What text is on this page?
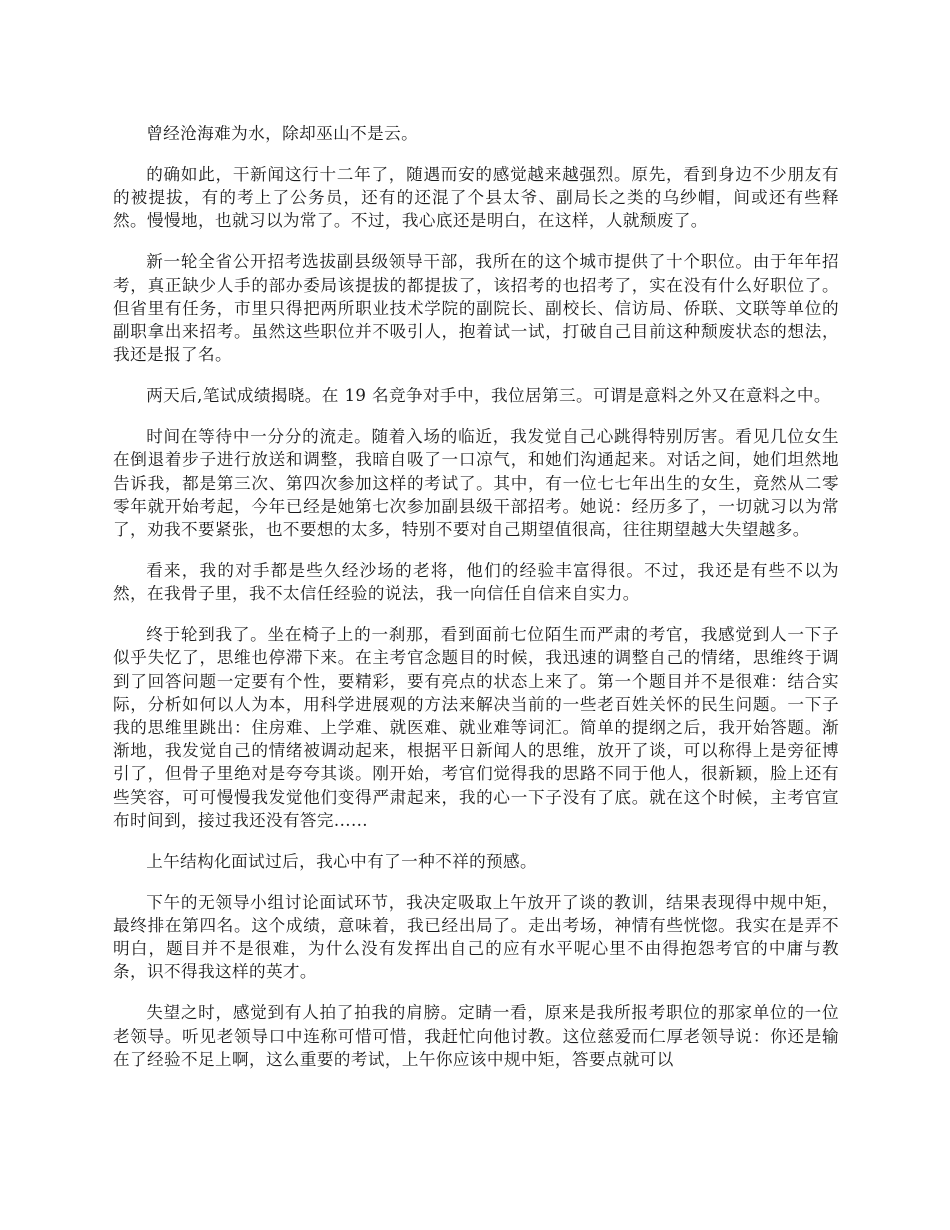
曾经沧海难为水，除却巫山不是云。

的确如此，干新闻这行十二年了，随遇而安的感觉越来越强烈。原先，看到身边不少朋友有的被提拔，有的考上了公务员，还有的还混了个县太爷、副局长之类的乌纱帽，间或还有些释然。慢慢地，也就习以为常了。不过，我心底还是明白，在这样，人就颓废了。

新一轮全省公开招考选拔副县级领导干部，我所在的这个城市提供了十个职位。由于年年招考，真正缺少人手的部办委局该提拔的都提拔了，该招考的也招考了，实在没有什么好职位了。但省里有任务，市里只得把两所职业技术学院的副院长、副校长、信访局、侨联、文联等单位的副职拿出来招考。虽然这些职位并不吸引人，抱着试一试，打破自己目前这种颓废状态的想法，我还是报了名。

两天后,笔试成绩揭晓。在 19 名竞争对手中，我位居第三。可谓是意料之外又在意料之中。

时间在等待中一分分的流走。随着入场的临近，我发觉自己心跳得特别厉害。看见几位女生在倒退着步子进行放送和调整，我暗自吸了一口凉气，和她们沟通起来。对话之间，她们坦然地告诉我，都是第三次、第四次参加这样的考试了。其中，有一位七七年出生的女生，竟然从二零零年就开始考起，今年已经是她第七次参加副县级干部招考。她说：经历多了，一切就习以为常了，劝我不要紧张，也不要想的太多，特别不要对自己期望值很高，往往期望越大失望越多。

看来，我的对手都是些久经沙场的老将，他们的经验丰富得很。不过，我还是有些不以为然，在我骨子里，我不太信任经验的说法，我一向信任自信来自实力。

终于轮到我了。坐在椅子上的一刹那，看到面前七位陌生而严肃的考官，我感觉到人一下子似乎失忆了，思维也停滞下来。在主考官念题目的时候，我迅速的调整自己的情绪，思维终于调到了回答问题一定要有个性，要精彩，要有亮点的状态上来了。第一个题目并不是很难：结合实际，分析如何以人为本，用科学进展观的方法来解决当前的一些老百姓关怀的民生问题。一下子我的思维里跳出：住房难、上学难、就医难、就业难等词汇。简单的提纲之后，我开始答题。渐渐地，我发觉自己的情绪被调动起来，根据平日新闻人的思维，放开了谈，可以称得上是旁征博引了，但骨子里绝对是夸夸其谈。刚开始，考官们觉得我的思路不同于他人，很新颖，脸上还有些笑容，可可慢慢我发觉他们变得严肃起来，我的心一下子没有了底。就在这个时候，主考官宣布时间到，接过我还没有答完......

上午结构化面试过后，我心中有了一种不祥的预感。

下午的无领导小组讨论面试环节，我决定吸取上午放开了谈的教训，结果表现得中规中矩，最终排在第四名。这个成绩，意味着，我已经出局了。走出考场，神情有些恍惚。我实在是弄不明白，题目并不是很难，为什么没有发挥出自己的应有水平呢心里不由得抱怨考官的中庸与教条，识不得我这样的英才。

失望之时，感觉到有人拍了拍我的肩膀。定睛一看，原来是我所报考职位的那家单位的一位老领导。听见老领导口中连称可惜可惜，我赶忙向他讨教。这位慈爱而仁厚老领导说：你还是输在了经验不足上啊，这么重要的考试，上午你应该中规中矩，答要点就可以
